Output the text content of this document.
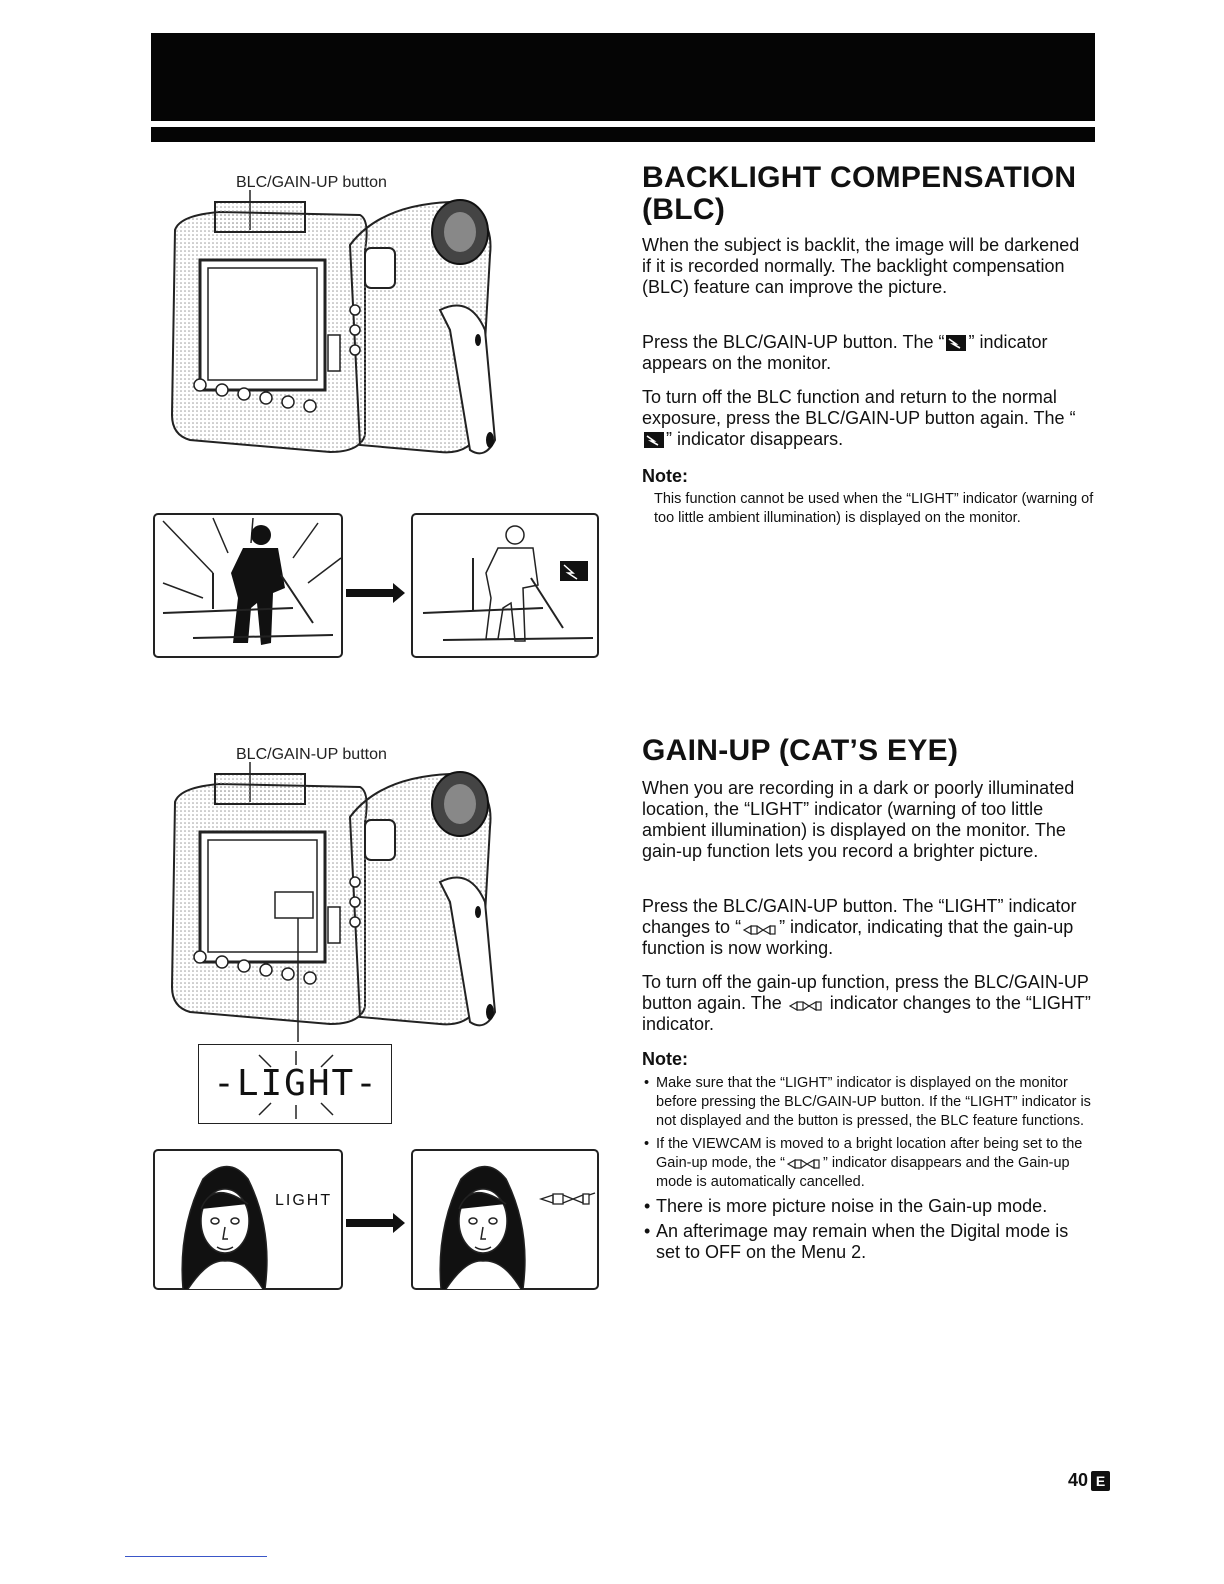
BLC/GAIN-UP button	BACKLIGHT COMPENSATION
(BLC)

When the subject is backlit, the image will be darkened if it is recorded normally. The backlight compensation (BLC) feature can improve the picture.

Press the BLC/GAIN-UP button. The “ ” indicator appears on the monitor.

To turn off the BLC function and return to the normal exposure, press the BLC/GAIN-UP button again. The “” indicator disappears.

Note:

This function cannot be used when the “LIGHT” indicator (warning of too little ambient illumination) is displayed on the monitor.

BLC/GAIN-UP button
-LIGHT-
LIGHT
GAIN-UP (CAT’S EYE)

When you are recording in a dark or poorly illuminated location, the “LIGHT” indicator (warning of too little ambient illumination) is displayed on the monitor. The gain-up function lets you record a brighter picture.

Press the BLC/GAIN-UP button. The “LIGHT” indicator changes to “ ” indicator, indicating that the gain-up function is now working.

To turn off the gain-up function, press the BLC/GAIN-UP button again. The  indicator changes to the “LIGHT” indicator.

Note:
• Make sure that the “LIGHT” indicator is displayed on the monitor before pressing the BLC/GAIN-UP button. If the “LIGHT” indicator is not displayed and the button is pressed, the BLC feature functions.
• If the VIEWCAM is moved to a bright location after being set to the Gain-up mode, the “	” indicator disappears and the Gain-up mode is automatically cancelled.
• There is more picture noise in the Gain-up mode.
• An afterimage may remain when the Digital mode is set to OFF on the Menu 2.
40 E
